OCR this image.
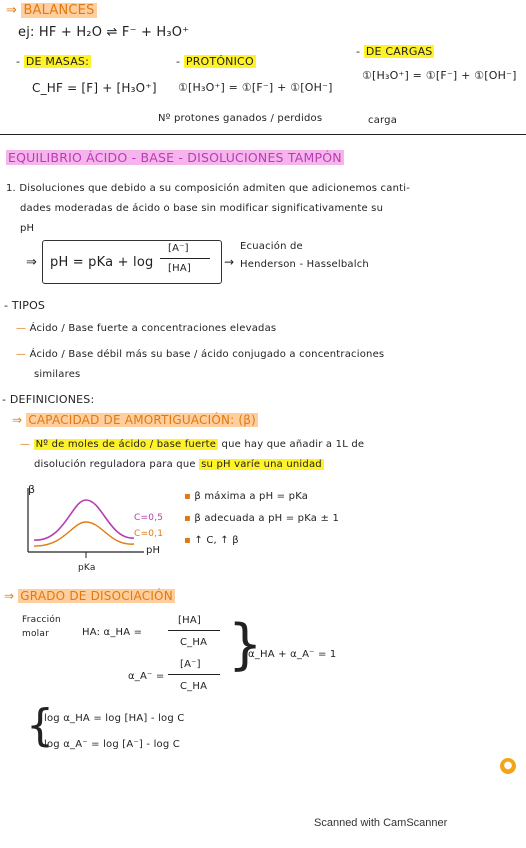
⇒ BALANCES
ej: HF + H₂O ⇌ F⁻ + H₃O⁺
- DE MASAS:
C_HF = [F] + [H₃O⁺]
- PROTÓNICO
①[H₃O⁺] = ①[F⁻] + ①[OH⁻]
Nº protones ganados / perdidos
- DE CARGAS
①[H₃O⁺] = ①[F⁻] + ①[OH⁻]
carga
EQUILIBRIO ÁCIDO - BASE - DISOLUCIONES TAMPÓN
1. Disoluciones que debido a su composición admiten que adicionemos canti-
dades moderadas de ácido o base sin modificar significativamente su
pH
⇒ pH = pKa + log
[A⁻]
[HA]	→
Ecuación de
Henderson - Hasselbalch
- TIPOS
— Ácido / Base fuerte a concentraciones elevadas
— Ácido / Base débil más su base / ácido conjugado a concentraciones
similares
- DEFINICIONES:
⇒ CAPACIDAD DE AMORTIGUACIÓN: (β)
— Nº de moles de ácido / base fuerte que hay que añadir a 1L de
disolución reguladora para que su pH varíe una unidad
β
pH
C=0,5
C=0,1
pKa
▪ β máxima a pH = pKa
▪ β adecuada a pH = pKa ± 1
▪ ↑ C, ↑ β
⇒ GRADO DE DISOCIACIÓN
Fracción
molar	HA: α_HA =
[HA]
C_HA
α_A⁻ =
[A⁻]
C_HA
}
α_HA + α_A⁻ = 1
{
log α_HA = log [HA] - log C
log α_A⁻ = log [A⁻] - log C
●
Scanned with CamScanner
